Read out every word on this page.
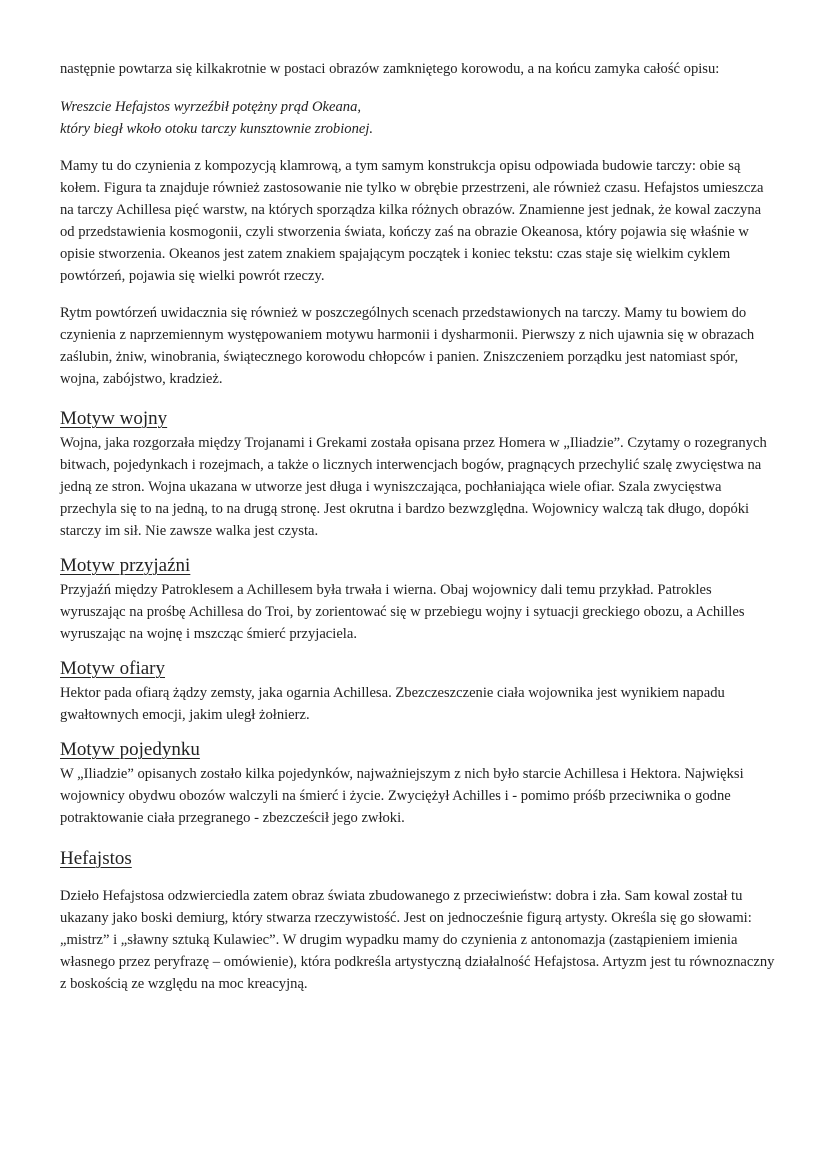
następnie powtarza się kilkakrotnie w postaci obrazów zamkniętego korowodu, a na końcu zamyka całość opisu:

Wreszcie Hefajstos wyrzeźbił potężny prąd Okeana,
który biegł wkoło otoku tarczy kunsztownie zrobionej.

Mamy tu do czynienia z kompozycją klamrową, a tym samym konstrukcja opisu odpowiada budowie tarczy: obie są kołem. Figura ta znajduje również zastosowanie nie tylko w obrębie przestrzeni, ale również czasu. Hefajstos umieszcza na tarczy Achillesa pięć warstw, na których sporządza kilka różnych obrazów. Znamienne jest jednak, że kowal zaczyna od przedstawienia kosmogonii, czyli stworzenia świata, kończy zaś na obrazie Okeanosa, który pojawia się właśnie w opisie stworzenia. Okeanos jest zatem znakiem spajającym początek i koniec tekstu: czas staje się wielkim cyklem powtórzeń, pojawia się wielki powrót rzeczy.

Rytm powtórzeń uwidacznia się również w poszczególnych scenach przedstawionych na tarczy. Mamy tu bowiem do czynienia z naprzemiennym występowaniem motywu harmonii i dysharmonii. Pierwszy z nich ujawnia się w obrazach zaślubin, żniw, winobrania, świątecznego korowodu chłopców i panien. Zniszczeniem porządku jest natomiast spór, wojna, zabójstwo, kradzież.

Motyw wojny

Wojna, jaka rozgorzała między Trojanami i Grekami została opisana przez Homera w „Iliadzie”. Czytamy o rozegranych bitwach, pojedynkach i rozejmach, a także o licznych interwencjach bogów, pragnących przechylić szalę zwycięstwa na jedną ze stron. Wojna ukazana w utworze jest długa i wyniszczająca, pochłaniająca wiele ofiar. Szala zwycięstwa przechyla się to na jedną, to na drugą stronę. Jest okrutna i bardzo bezwzględna. Wojownicy walczą tak długo, dopóki starczy im sił. Nie zawsze walka jest czysta.

Motyw przyjaźni

Przyjaźń między Patroklesem a Achillesem była trwała i wierna. Obaj wojownicy dali temu przykład. Patrokles wyruszając na prośbę Achillesa do Troi, by zorientować się w przebiegu wojny i sytuacji greckiego obozu, a Achilles wyruszając na wojnę i mszcząc śmierć przyjaciela.

Motyw ofiary

Hektor pada ofiarą żądzy zemsty, jaka ogarnia Achillesa. Zbezczeszczenie ciała wojownika jest wynikiem napadu gwałtownych emocji, jakim uległ żołnierz.

Motyw pojedynku

W „Iliadzie” opisanych zostało kilka pojedynków, najważniejszym z nich było starcie Achillesa i Hektora. Najwięksi wojownicy obydwu obozów walczyli na śmierć i życie. Zwyciężył Achilles i - pomimo próśb przeciwnika o godne potraktowanie ciała przegranego - zbezcześcił jego zwłoki.

Hefajstos

Dzieło Hefajstosa odzwierciedla zatem obraz świata zbudowanego z przeciwieństw: dobra i zła. Sam kowal został tu ukazany jako boski demiurg, który stwarza rzeczywistość. Jest on jednocześnie figurą artysty. Określa się go słowami: „mistrz” i „sławny sztuką Kulawiec”. W drugim wypadku mamy do czynienia z antonomazja (zastąpieniem imienia własnego przez peryfrazę – omówienie), która podkreśla artystyczną działalność Hefajstosa. Artyzm jest tu równoznaczny z boskością ze względu na moc kreacyjną.
